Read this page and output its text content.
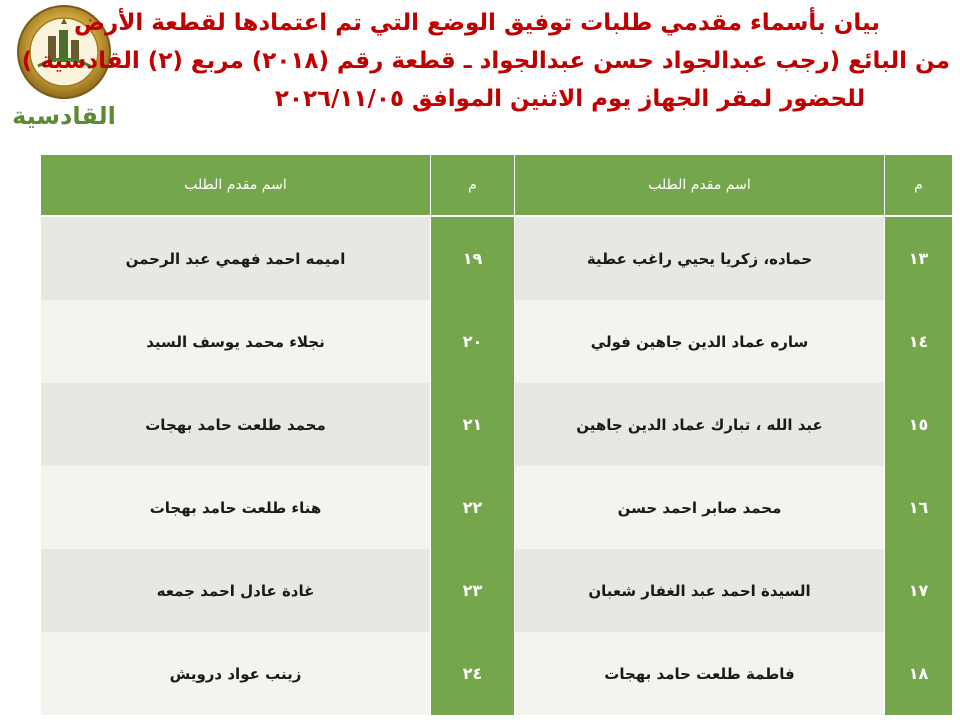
القادسية
بيان بأسماء مقدمي طلبات توفيق الوضع التي تم اعتمادها لقطعة الأرض
من البائع (رجب عبدالجواد حسن عبدالجواد ـ قطعة رقم (٢٠١٨) مربع (٢) القادسية )
للحضور لمقر الجهاز يوم الاثنين الموافق ٢٠٢٦/١١/٠٥
م	اسم مقدم الطلب	م	اسم مقدم الطلب
١٣	حماده، زكريا يحيي راغب عطية	١٩	اميمه احمد فهمي عبد الرحمن
١٤	ساره عماد الدين جاهين فولي	٢٠	نجلاء محمد يوسف السيد
١٥	عبد الله ، تبارك عماد الدين جاهين	٢١	محمد طلعت حامد بهجات
١٦	محمد صابر احمد حسن	٢٢	هناء طلعت حامد بهجات
١٧	السيدة احمد عبد الغفار شعبان	٢٣	غادة عادل احمد جمعه
١٨	فاطمة طلعت حامد بهجات	٢٤	زينب عواد درويش
